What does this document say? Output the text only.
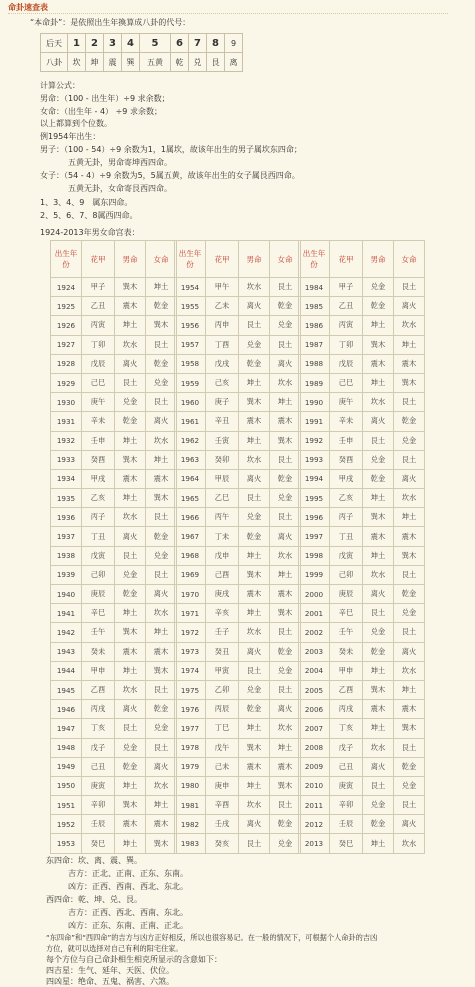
命卦速查表
“本命卦”：是依照出生年換算成八卦的代号：
后天	1	2	3	4	5	6	7	8	9
八卦	坎	坤	震	巽	五黄	乾	兑	艮	离
计算公式：
男命：（100 - 出生年）÷9 求余数；
女命：（出生年 - 4） ÷9 求余数；
以上都算到个位数。
例1954年出生：
男子：（100 - 54）÷9 余数为1，1属坎，故该年出生的男子属坎东四命；
五黄无卦，男命寄坤西四命。
女子：（54 - 4）÷9 余数为5，5属五黄，故该年出生的女子属艮西四命。
五黄无卦，女命寄艮西四命。
1、3、4、9　属东四命。
2、5、6、7、8属西四命。
1924-2013年男女命宫表：
出生年
份	花甲	男命	女命
1924	甲子	巽木	坤土
1925	乙丑	震木	乾金
1926	丙寅	坤土	巽木
1927	丁卯	坎水	艮土
1928	戊辰	离火	乾金
1929	己巳	艮土	兑金
1930	庚午	兑金	艮土
1931	辛未	乾金	离火
1932	壬申	坤土	坎水
1933	癸酉	巽木	坤土
1934	甲戌	震木	震木
1935	乙亥	坤土	巽木
1936	丙子	坎水	艮土
1937	丁丑	离火	乾金
1938	戊寅	艮土	兑金
1939	己卯	兑金	艮土
1940	庚辰	乾金	离火
1941	辛巳	坤土	坎水
1942	壬午	巽木	坤土
1943	癸未	震木	震木
1944	甲申	坤土	巽木
1945	乙酉	坎水	艮土
1946	丙戌	离火	乾金
1947	丁亥	艮土	兑金
1948	戊子	兑金	艮土
1949	己丑	乾金	离火
1950	庚寅	坤土	坎水
1951	辛卯	巽木	坤土
1952	壬辰	震木	震木
1953	癸巳	坤土	巽木
出生年
份	花甲	男命	女命
1954	甲午	坎水	艮土
1955	乙未	离火	乾金
1956	丙申	艮土	兑金
1957	丁酉	兑金	艮土
1958	戊戌	乾金	离火
1959	己亥	坤土	坎水
1960	庚子	巽木	坤土
1961	辛丑	震木	震木
1962	壬寅	坤土	巽木
1963	癸卯	坎水	艮土
1964	甲辰	离火	乾金
1965	乙巳	艮土	兑金
1966	丙午	兑金	艮土
1967	丁未	乾金	离火
1968	戊申	坤土	坎水
1969	己酉	巽木	坤土
1970	庚戌	震木	震木
1971	辛亥	坤土	巽木
1972	壬子	坎水	艮土
1973	癸丑	离火	乾金
1974	甲寅	艮土	兑金
1975	乙卯	兑金	艮土
1976	丙辰	乾金	离火
1977	丁巳	坤土	坎水
1978	戊午	巽木	坤土
1979	己未	震木	震木
1980	庚申	坤土	巽木
1981	辛酉	坎水	艮土
1982	壬戌	离火	乾金
1983	癸亥	艮土	兑金
出生年
份	花甲	男命	女命
1984	甲子	兑金	艮土
1985	乙丑	乾金	离火
1986	丙寅	坤土	坎水
1987	丁卯	巽木	坤土
1988	戊辰	震木	震木
1989	己巳	坤土	巽木
1990	庚午	坎水	艮土
1991	辛未	离火	乾金
1992	壬申	艮土	兑金
1993	癸酉	兑金	艮土
1994	甲戌	乾金	离火
1995	乙亥	坤土	坎水
1996	丙子	巽木	坤土
1997	丁丑	震木	震木
1998	戊寅	坤土	巽木
1999	己卯	坎水	艮土
2000	庚辰	离火	乾金
2001	辛巳	艮土	兑金
2002	壬午	兑金	艮土
2003	癸未	乾金	离火
2004	甲申	坤土	坎水
2005	乙酉	巽木	坤土
2006	丙戌	震木	震木
2007	丁亥	坤土	巽木
2008	戊子	坎水	艮土
2009	己丑	离火	乾金
2010	庚寅	艮土	兑金
2011	辛卯	兑金	艮土
2012	壬辰	乾金	离火
2013	癸巳	坤土	坎水
东四命：坎、离、震、巽。
吉方：正北、正南、正东、东南。
凶方：正西、西南、西北、东北。
西四命：乾、坤、兑、艮。
吉方：正西、西北、西南、东北。
凶方：正东、东南、正南、正北。
“东四命”和“西四命”的吉方与凶方正好相反，所以也很容易记。在一般的情况下，可根据个人命卦的吉凶
方位，就可以选择对自己有利的阳宅住家。
每个方位与自己命卦相生相克所显示的含意如下：
四吉星：生气、延年、天医、伏位。
四凶星：绝命、五鬼、祸害、六煞。
